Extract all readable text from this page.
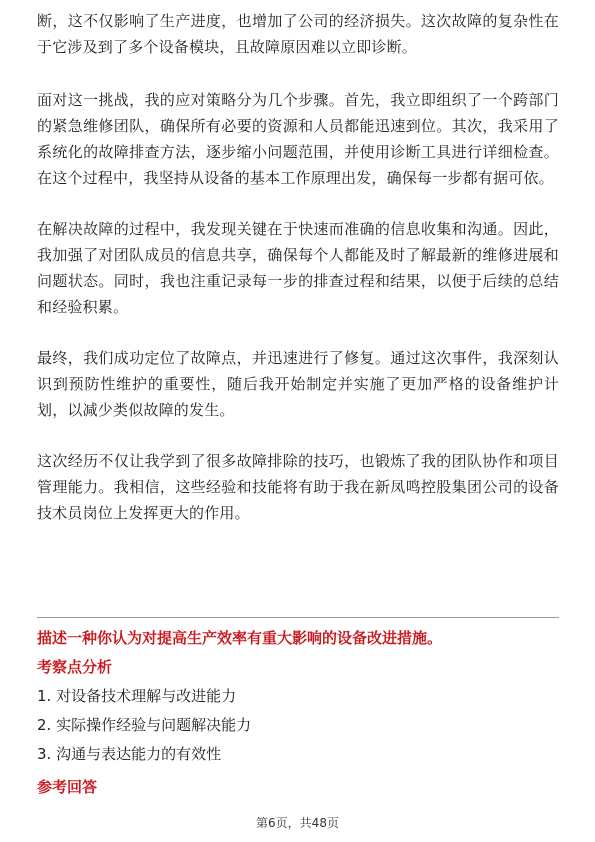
断，这不仅影响了生产进度，也增加了公司的经济损失。这次故障的复杂性在于它涉及到了多个设备模块，且故障原因难以立即诊断。

面对这一挑战，我的应对策略分为几个步骤。首先，我立即组织了一个跨部门的紧急维修团队，确保所有必要的资源和人员都能迅速到位。其次，我采用了系统化的故障排查方法，逐步缩小问题范围，并使用诊断工具进行详细检查。在这个过程中，我坚持从设备的基本工作原理出发，确保每一步都有据可依。

在解决故障的过程中，我发现关键在于快速而准确的信息收集和沟通。因此，我加强了对团队成员的信息共享，确保每个人都能及时了解最新的维修进展和问题状态。同时，我也注重记录每一步的排查过程和结果，以便于后续的总结和经验积累。

最终，我们成功定位了故障点，并迅速进行了修复。通过这次事件，我深刻认识到预防性维护的重要性，随后我开始制定并实施了更加严格的设备维护计划，以减少类似故障的发生。

这次经历不仅让我学到了很多故障排除的技巧，也锻炼了我的团队协作和项目管理能力。我相信，这些经验和技能将有助于我在新凤鸣控股集团公司的设备技术员岗位上发挥更大的作用。

描述一种你认为对提高生产效率有重大影响的设备改进措施。
考察点分析
1. 对设备技术理解与改进能力
2. 实际操作经验与问题解决能力
3. 沟通与表达能力的有效性
参考回答
第6页，共48页
